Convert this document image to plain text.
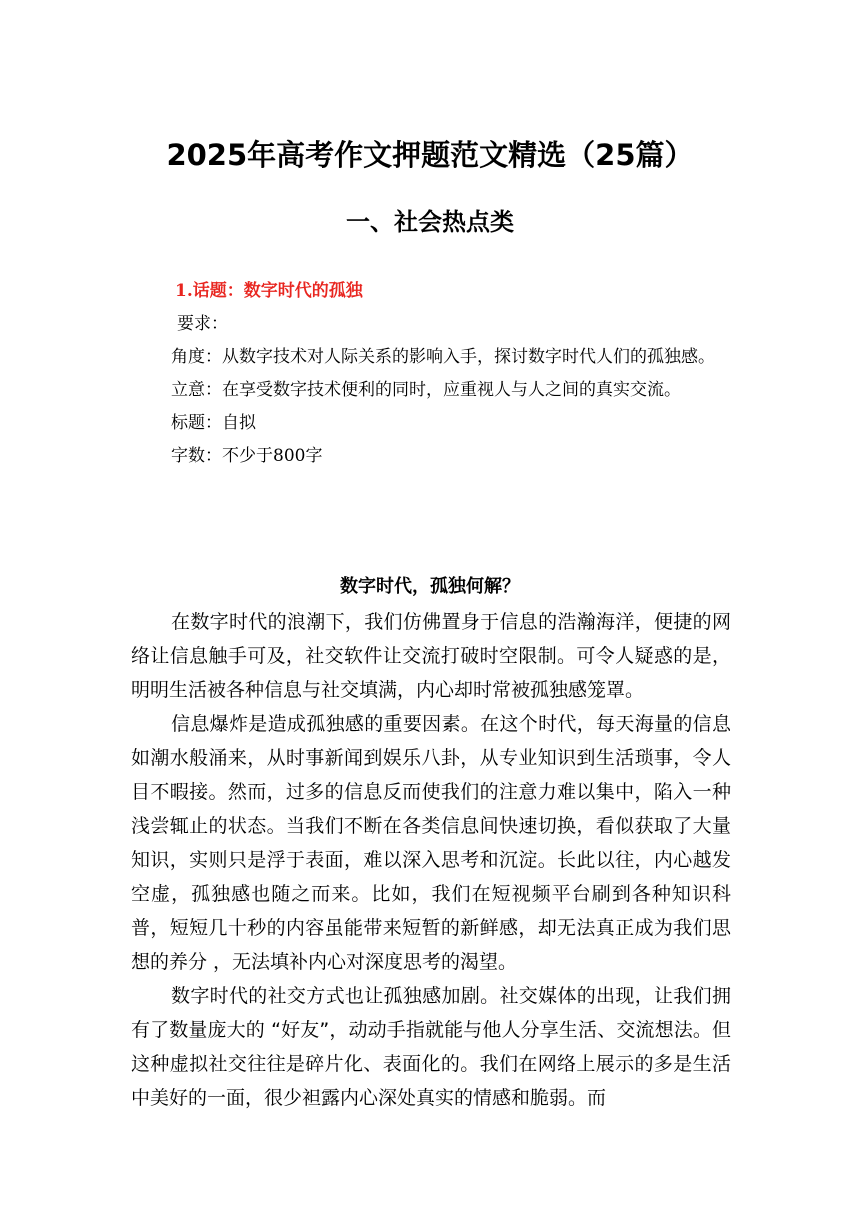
2025年高考作文押题范文精选（25篇）
一、社会热点类
1.话题：数字时代的孤独
要求：

角度：从数字技术对人际关系的影响入手，探讨数字时代人们的孤独感。

立意：在享受数字技术便利的同时，应重视人与人之间的真实交流。

标题：自拟
字数：不少于800字
数字时代，孤独何解？

在数字时代的浪潮下，我们仿佛置身于信息的浩瀚海洋，便捷的网络让信息触手可及，社交软件让交流打破时空限制。可令人疑惑的是，明明生活被各种信息与社交填满，内心却时常被孤独感笼罩。

信息爆炸是造成孤独感的重要因素。在这个时代，每天海量的信息如潮水般涌来，从时事新闻到娱乐八卦，从专业知识到生活琐事，令人目不暇接。然而，过多的信息反而使我们的注意力难以集中，陷入一种浅尝辄止的状态。当我们不断在各类信息间快速切换，看似获取了大量知识，实则只是浮于表面，难以深入思考和沉淀。长此以往，内心越发空虚，孤独感也随之而来。比如，我们在短视频平台刷到各种知识科普，短短几十秒的内容虽能带来短暂的新鲜感，却无法真正成为我们思想的养分 ，无法填补内心对深度思考的渴望。

数字时代的社交方式也让孤独感加剧。社交媒体的出现，让我们拥有了数量庞大的 “好友”，动动手指就能与他人分享生活、交流想法。但这种虚拟社交往往是碎片化、表面化的。我们在网络上展示的多是生活中美好的一面，很少袒露内心深处真实的情感和脆弱。而
